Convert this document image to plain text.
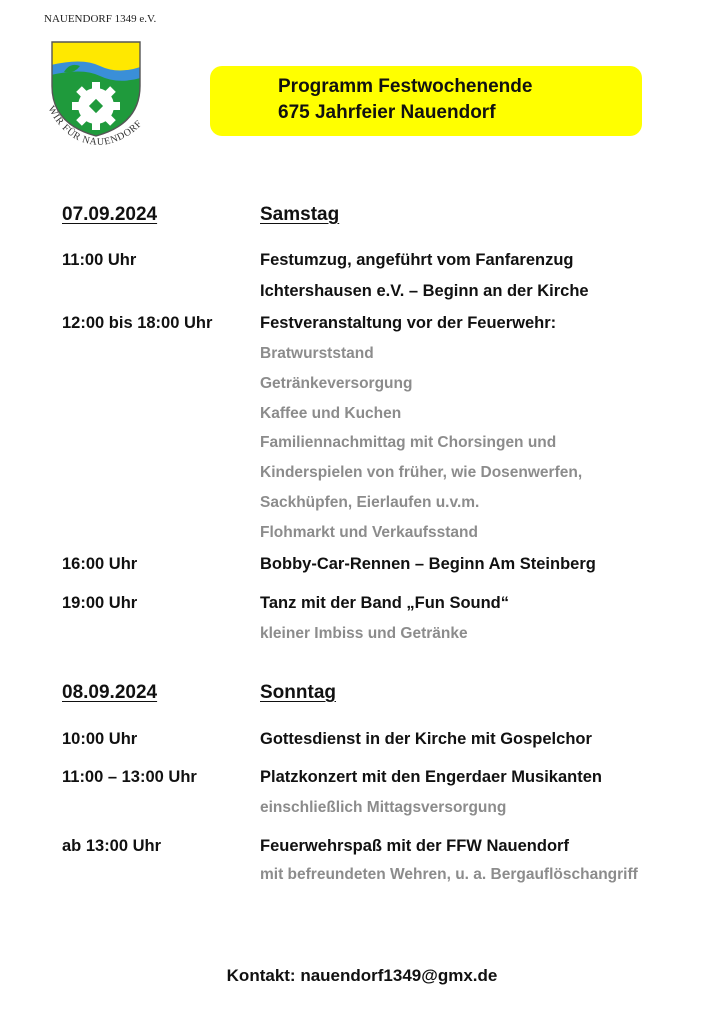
NAUENDORF 1349 e.V.
WIR FÜR NAUENDORF
Programm Festwochenende
675 Jahrfeier Nauendorf
07.09.2024	Samstag
11:00 Uhr	Festumzug, angeführt vom Fanfarenzug
Ichtershausen e.V. – Beginn an der Kirche
12:00 bis 18:00 Uhr	Festveranstaltung vor der Feuerwehr:
Bratwurststand
Getränkeversorgung
Kaffee und Kuchen
Familiennachmittag mit Chorsingen und
Kinderspielen von früher, wie Dosenwerfen,
Sackhüpfen, Eierlaufen u.v.m.
Flohmarkt und Verkaufsstand
16:00 Uhr	Bobby-Car-Rennen – Beginn Am Steinberg
19:00 Uhr	Tanz mit der Band „Fun Sound“
kleiner Imbiss und Getränke
08.09.2024	Sonntag
10:00 Uhr	Gottesdienst in der Kirche mit Gospelchor
11:00 – 13:00 Uhr	Platzkonzert mit den Engerdaer Musikanten
einschließlich Mittagsversorgung
ab 13:00 Uhr	Feuerwehrspaß mit der FFW Nauendorf
mit befreundeten Wehren, u. a. Bergauflöschangriff
Kontakt: nauendorf1349@gmx.de
